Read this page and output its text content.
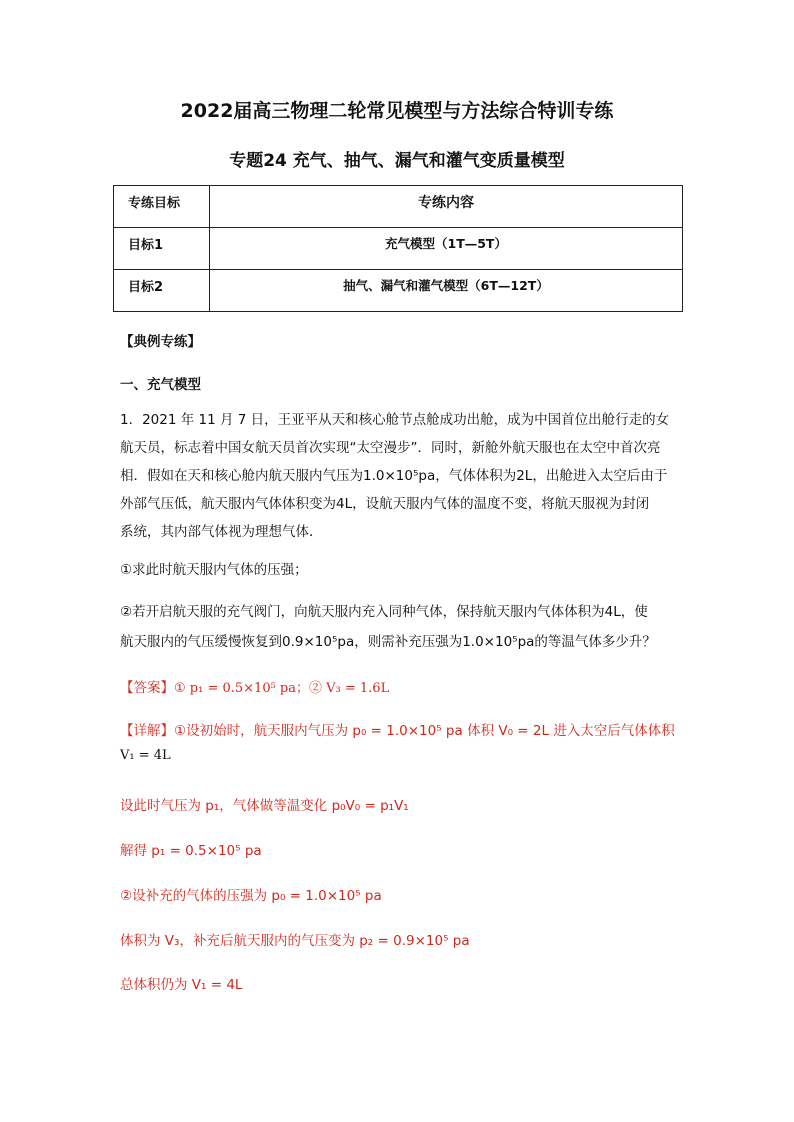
2022届高三物理二轮常见模型与方法综合特训专练
专题24 充气、抽气、漏气和灌气变质量模型
专练目标	专练内容
目标1	充气模型（1T—5T）
目标2	抽气、漏气和灌气模型（6T—12T）
【典例专练】
一、充气模型
1．2021 年 11 月 7 日，王亚平从天和核心舱节点舱成功出舱，成为中国首位出舱行走的女
航天员，标志着中国女航天员首次实现“太空漫步”．同时，新舱外航天服也在太空中首次亮
相．假如在天和核心舱内航天服内气压为1.0×10⁵pa，气体体积为2L，出舱进入太空后由于
外部气压低，航天服内气体体积变为4L，设航天服内气体的温度不变，将航天服视为封闭
系统，其内部气体视为理想气体．
①求此时航天服内气体的压强；
②若开启航天服的充气阀门，向航天服内充入同种气体，保持航天服内气体体积为4L，使
航天服内的气压缓慢恢复到0.9×10⁵pa，则需补充压强为1.0×10⁵pa的等温气体多少升？
【答案】① p₁ = 0.5×10⁵ pa；② V₃ = 1.6L
【详解】①设初始时，航天服内气压为 p₀ = 1.0×10⁵ pa 体积 V₀ = 2L 进入太空后气体体积
V₁ = 4L
设此时气压为 p₁，气体做等温变化 p₀V₀ = p₁V₁
解得 p₁ = 0.5×10⁵ pa
②设补充的气体的压强为 p₀ = 1.0×10⁵ pa
体积为 V₃，补充后航天服内的气压变为 p₂ = 0.9×10⁵ pa
总体积仍为 V₁ = 4L
